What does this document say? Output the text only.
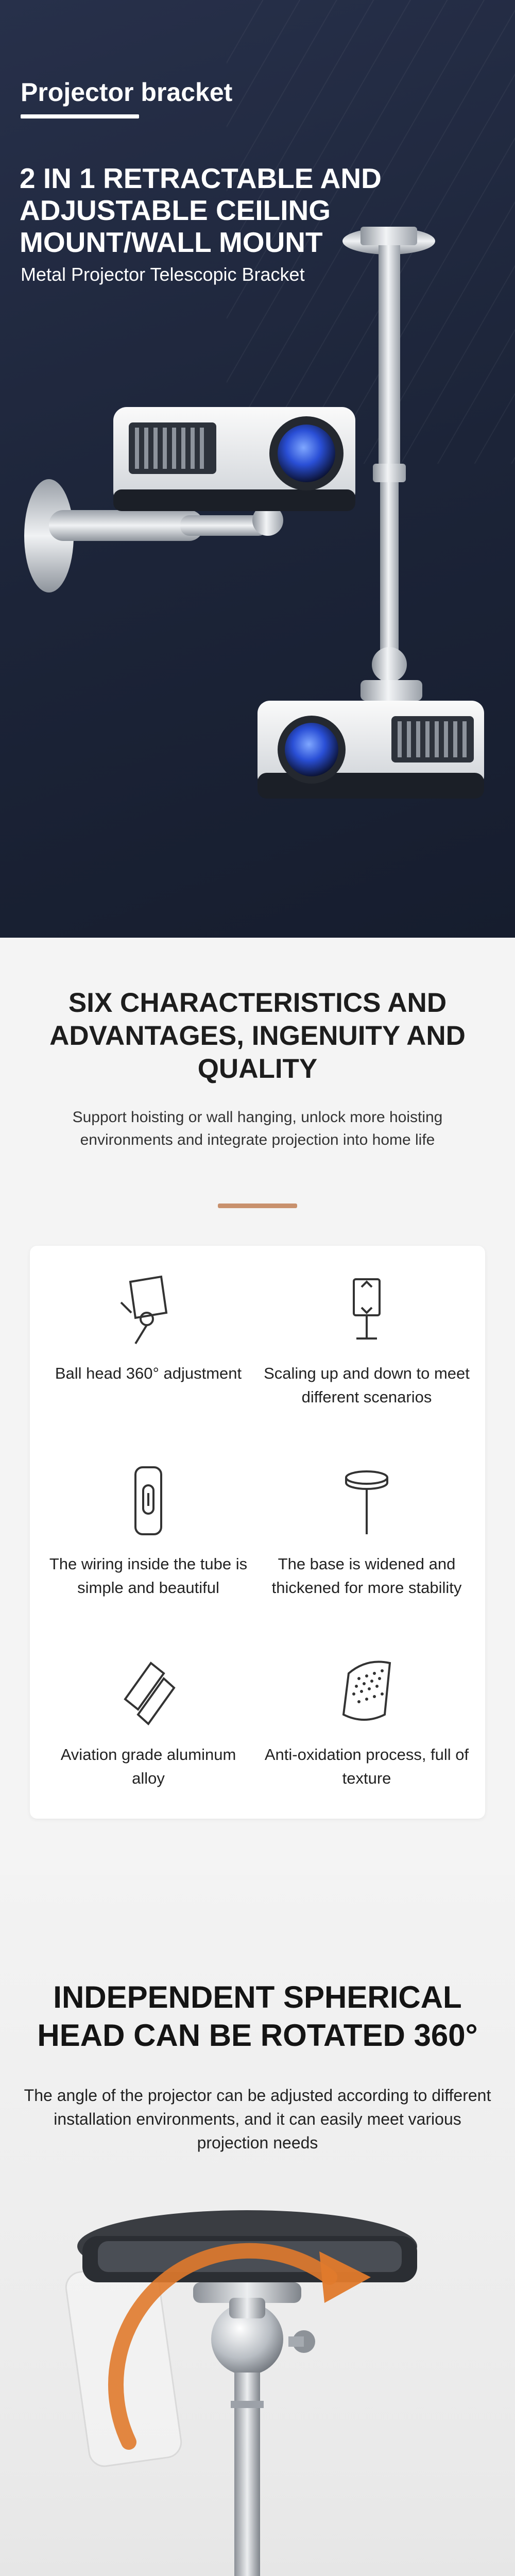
Projector bracket
2 IN 1 RETRACTABLE AND ADJUSTABLE CEILING MOUNT/WALL MOUNT
Metal Projector Telescopic Bracket
SIX CHARACTERISTICS AND ADVANTAGES, INGENUITY AND QUALITY
Support hoisting or wall hanging, unlock more hoisting environments and integrate projection into home life
Ball head 360° adjustment	Scaling up and down to meet different scenarios
The wiring inside the tube is simple and beautiful
The base is widened and thickened for more stability
Aviation grade aluminum alloy
Anti-oxidation process, full of texture
INDEPENDENT SPHERICAL HEAD CAN BE ROTATED 360°
The angle of the projector can be adjusted according to different installation environments, and it can easily meet various projection needs
